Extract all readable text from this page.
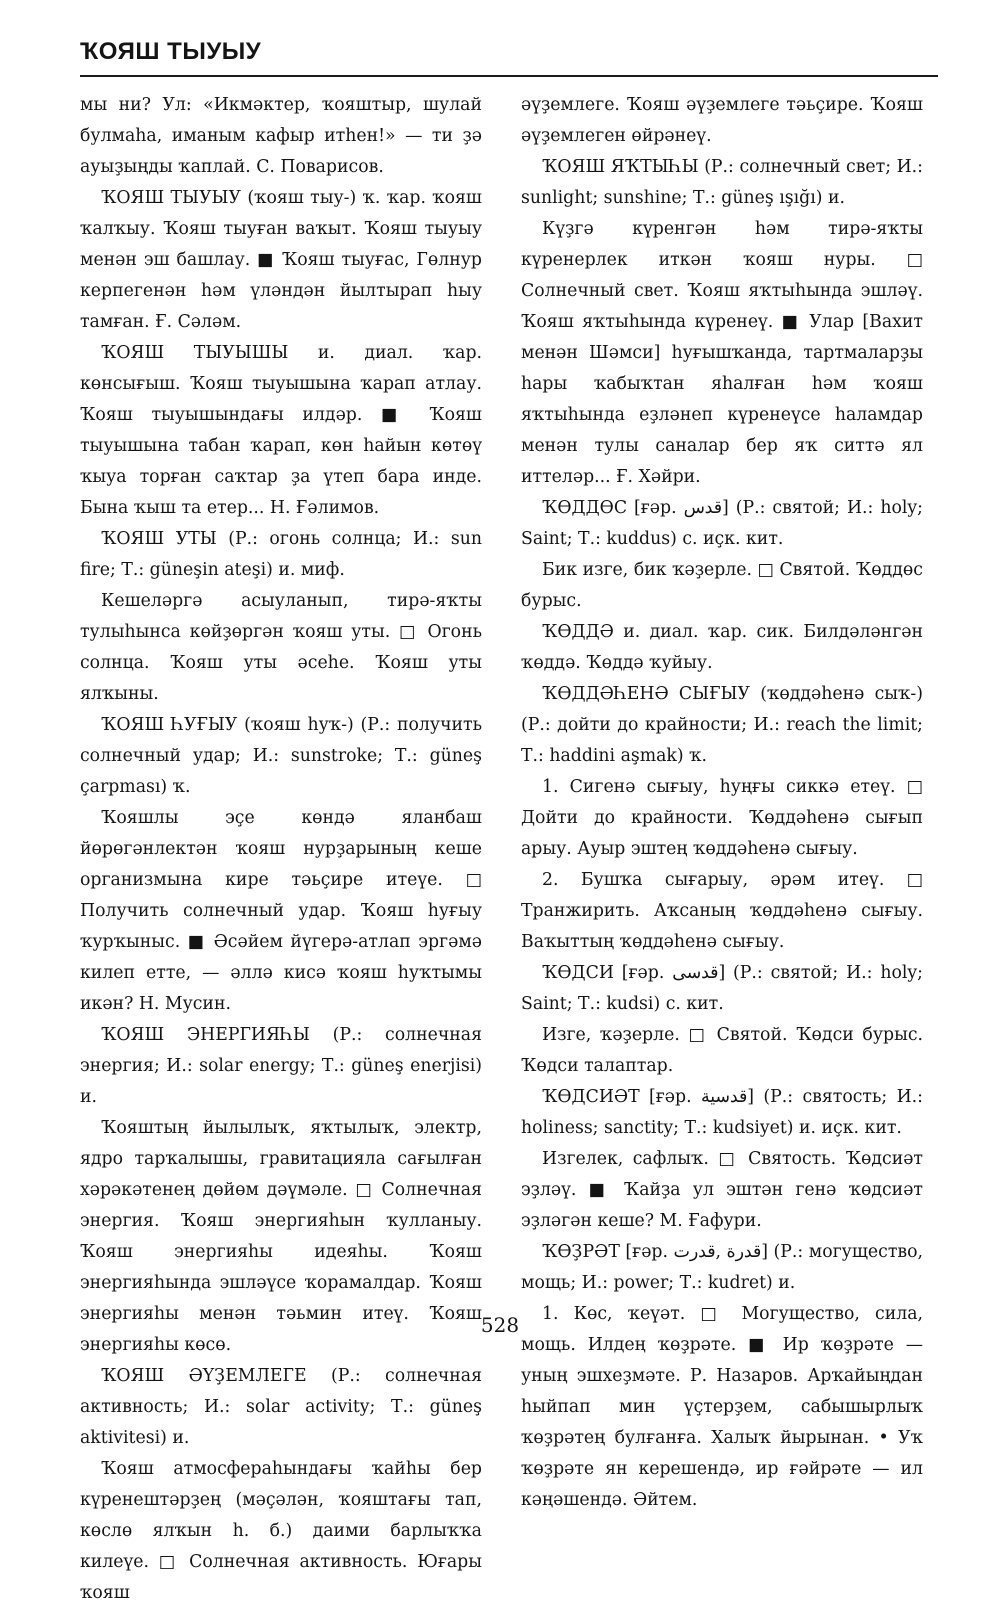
ҠОЯШ ТЫУЫУ

мы ни? Ул: «Икмәктер, ҡояштыр, шулай булмаһа, иманым кафыр итһен!» — ти ҙә ауыҙыңды ҡаплай. С. Поварисов.

ҠОЯШ ТЫУЫУ (ҡояш тыу-) ҡ. ҡар. ҡояш ҡалҡыу. Ҡояш тыуған ваҡыт. Ҡояш тыуыу менән эш башлау. ■ Ҡояш тыуғас, Гөлнур керпегенән һәм үләндән йылтырап һыу тамған. Ғ. Сәләм.

ҠОЯШ ТЫУЫШЫ и. диал. ҡар. көнсығыш. Ҡояш тыуышына ҡарап атлау. Ҡояш тыуышындағы илдәр. ■ Ҡояш тыуышына табан ҡарап, көн һайын көтөү ҡыуа торған саҡтар ҙа үтеп бара инде. Бына ҡыш та етер... Н. Ғәлимов.

ҠОЯШ УТЫ (Р.: огонь солнца; И.: sun fire; Т.: güneşin ateşi) и. миф.

Кешеләргә асыуланып, тирә-яҡты тулыһынса көйҙөргән ҡояш уты. □ Огонь солнца. Ҡояш уты әсеһе. Ҡояш уты ялҡыны.

ҠОЯШ ҺУҒЫУ (ҡояш һуҡ-) (Р.: получить солнечный удар; И.: sunstroke; Т.: güneş çarpması) ҡ.

Ҡояшлы эҫе көндә яланбаш йөрөгәнлектән ҡояш нурҙарының кеше организмына кире тәьҫире итеүе. □ Получить солнечный удар. Ҡояш һуғыу ҡурҡыныс. ■ Әсәйем йүгерә-атлап эргәмә килеп етте, — әллә кисә ҡояш һуҡтымы икән? Н. Мусин.

ҠОЯШ ЭНЕРГИЯҺЫ (Р.: солнечная энергия; И.: solar energy; Т.: güneş enerjisi) и.

Ҡояштың йылылыҡ, яҡтылыҡ, электр, ядро тарҡалышы, гравитацияла сағылған хәрәкәтенең дөйөм дәүмәле. □ Солнечная энергия. Ҡояш энергияһын ҡулланыу. Ҡояш энергияһы идеяһы. Ҡояш энергияһында эшләүсе ҡорамалдар. Ҡояш энергияһы менән тәьмин итеү. Ҡояш энергияһы көсө.

ҠОЯШ ӘҮҘЕМЛЕГЕ (Р.: солнечная активность; И.: solar activity; Т.: güneş aktivitesi) и.

Ҡояш атмосфераһындағы ҡайһы бер күренештәрҙең (мәҫәлән, ҡояштағы тап, көслө ялҡын һ. б.) даими барлыҡҡа килеүе. □ Солнечная активность. Юғары ҡояш

әүҙемлеге. Ҡояш әүҙемлеге тәьҫире. Ҡояш әүҙемлеген өйрәнеү.

ҠОЯШ ЯҠТЫҺЫ (Р.: солнечный свет; И.: sunlight; sunshine; Т.: güneş ışığı) и.

Күҙгә күренгән һәм тирә-яҡты күренерлек иткән ҡояш нуры. □ Солнечный свет. Ҡояш яҡтыһында эшләү. Ҡояш яҡтыһында күренеү. ■ Улар [Вахит менән Шәмси] һуғышҡанда, тартмаларҙы һары ҡабыҡтан яһалған һәм ҡояш яҡтыһында еҙләнеп күренеүсе һаламдар менән тулы саналар бер яҡ ситтә ял иттеләр... Ғ. Хәйри.

ҠӨДДӨС [ғәр. قدس] (Р.: святой; И.: holy; Saint; Т.: kuddus) с. иҫк. кит.

Бик изге, бик ҡәҙерле. □ Святой. Ҡөддөс бурыс.

ҠӨДДӘ и. диал. ҡар. сик. Билдәләнгән ҡөддә. Ҡөддә ҡуйыу.

ҠӨДДӘҺЕНӘ СЫҒЫУ (ҡөддәһенә сыҡ-) (Р.: дойти до крайности; И.: reach the limit; Т.: haddini aşmak) ҡ.

1. Сигенә сығыу, һуңғы сиккә етеү. □ Дойти до крайности. Ҡөддәһенә сығып арыу. Ауыр эштең ҡөддәһенә сығыу.

2. Бушҡа сығарыу, әрәм итеү. □ Транжирить. Аҡсаның ҡөддәһенә сығыу. Ваҡыттың ҡөддәһенә сығыу.

ҠӨДСИ [ғәр. قدسى] (Р.: святой; И.: holy; Saint; Т.: kudsi) с. кит.

Изге, ҡәҙерле. □ Святой. Ҡөдси бурыс. Ҡөдси талаптар.

ҠӨДСИӘТ [ғәр. قدسية] (Р.: святость; И.: holiness; sanctity; Т.: kudsiyet) и. иҫк. кит.

Изгелек, сафлыҡ. □ Святость. Ҡөдсиәт эҙләү. ■ Ҡайҙа ул эштән генә ҡөдсиәт эҙләгән кеше? М. Ғафури.

ҠӨҘРӘТ [ғәр. قدرة ,قدرت] (Р.: могущество, мощь; И.: power; Т.: kudret) и.

1. Көс, ҡеүәт. □ Могущество, сила, мощь. Илдең ҡөҙрәте. ■ Ир ҡөҙрәте — уның эшхеҙмәте. Р. Назаров. Арҡайыңдан һыйпап мин үҫтерҙем, сабышырлыҡ ҡөҙрәтең булғанға. Халыҡ йырынан. • Уҡ ҡөҙрәте ян керешендә, ир ғәйрәте — ил кәңәшендә. Әйтем.

528
